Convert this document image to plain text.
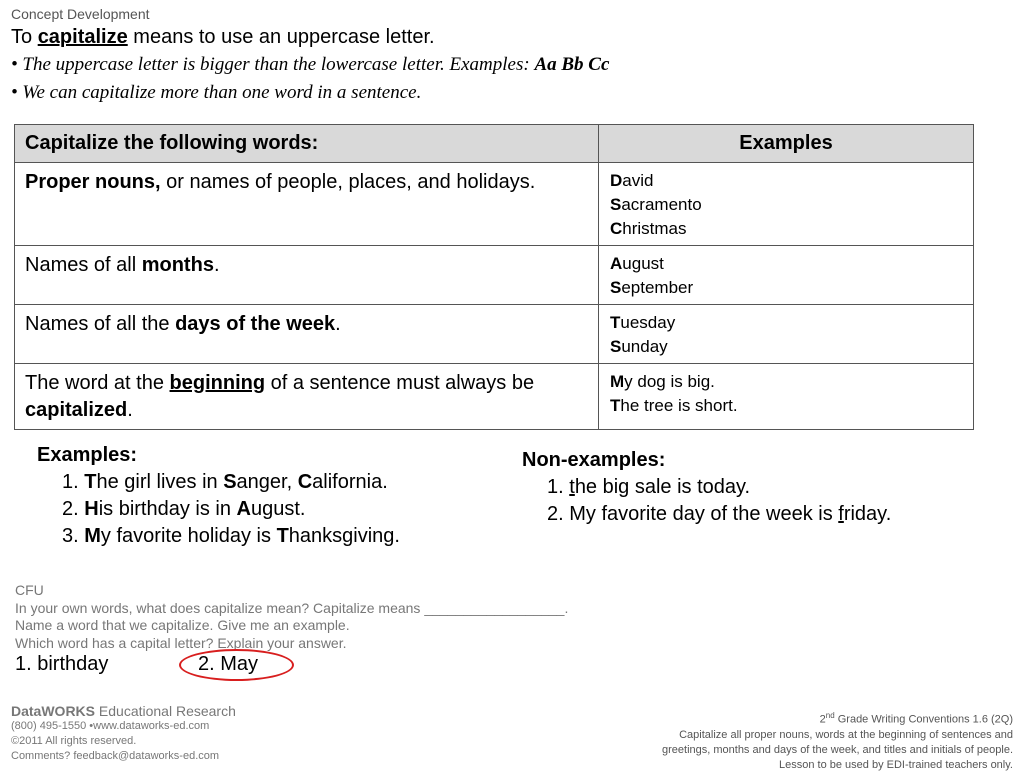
Concept Development
To capitalize means to use an uppercase letter.
• The uppercase letter is bigger than the lowercase letter. Examples: Aa Bb Cc
• We can capitalize more than one word in a sentence.
Capitalize the following words:	Examples
Proper nouns, or names of people, places, and holidays.	David
Sacramento
Christmas

Names of all months.	August
September

Names of all the days of the week.	Tuesday
Sunday

The word at the beginning of a sentence must always be capitalized.	My dog is big.
The tree is short.
Examples:
1. The girl lives in Sanger, California.
2. His birthday is in August.
3. My favorite holiday is Thanksgiving.
Non-examples:
1. the big sale is today.
2. My favorite day of the week is friday.
CFU
In your own words, what does capitalize mean? Capitalize means __________________.
Name a word that we capitalize. Give me an example.
Which word has a capital letter? Explain your answer.
1. birthday	2. May
DataWORKS Educational Research
(800) 495-1550 •www.dataworks-ed.com
©2011 All rights reserved.
Comments? feedback@dataworks-ed.com
2nd Grade Writing Conventions 1.6 (2Q)
Capitalize all proper nouns, words at the beginning of sentences and
greetings, months and days of the week, and titles and initials of people.
Lesson to be used by EDI-trained teachers only.
